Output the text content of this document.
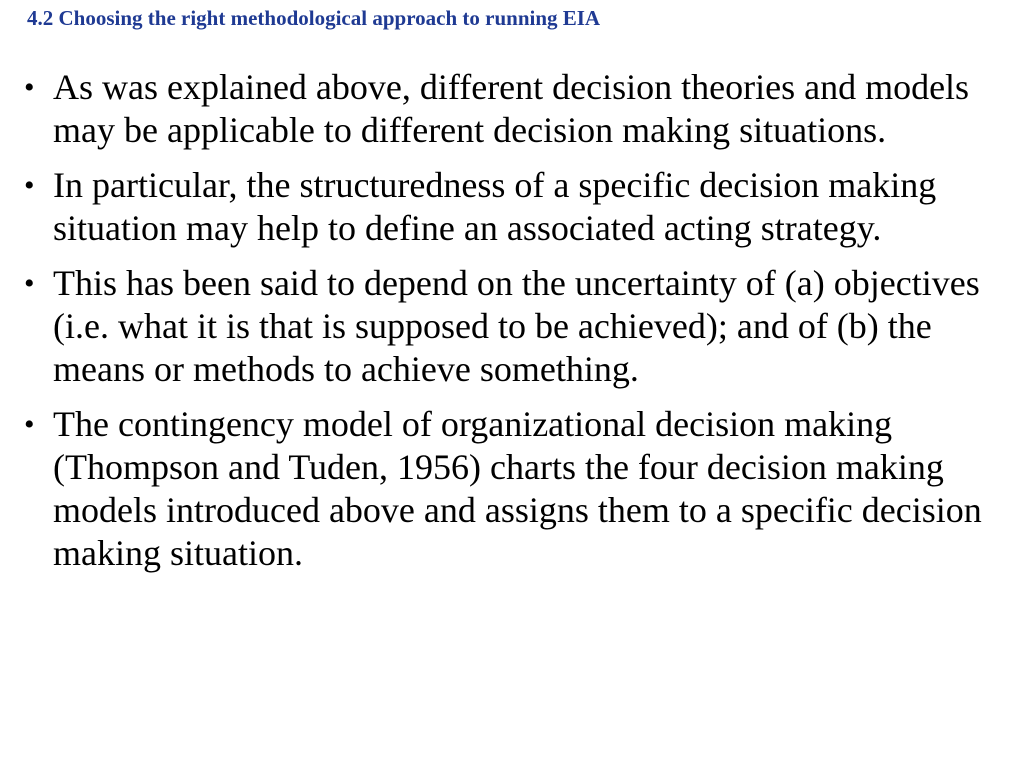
4.2 Choosing the right methodological approach to running EIA
• As was explained above, different decision theories and models may be applicable to different decision making situations.
• In particular, the structuredness of a specific decision making situation may help to define an associated acting strategy.
• This has been said to depend on the uncertainty of (a) objectives (i.e. what it is that is supposed to be achieved); and of (b) the means or methods to achieve something.
• The contingency model of organizational decision making (Thompson and Tuden, 1956) charts the four decision making models introduced above and assigns them to a specific decision making situation.
